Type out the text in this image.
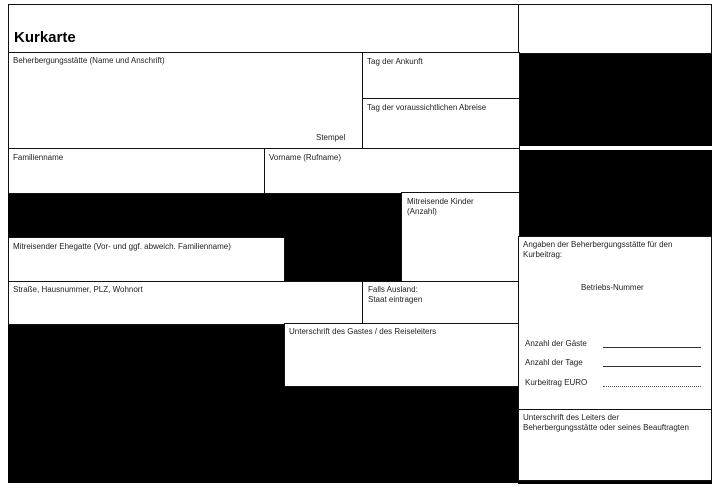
Kurkarte
Beherbergungsstätte (Name und Anschrift)
Stempel
Tag der Ankunft
Tag der voraussichtlichen Abreise
Familienname	Vorname (Rufname)
Mitreisende Kinder
(Anzahl)
Mitreisender Ehegatte (Vor- und ggf. abweich. Familienname)
Straße, Hausnummer, PLZ, Wohnort	Falls Ausland:
Staat eintragen
Unterschrift des Gastes / des Reiseleiters
Angaben der Beherbergungsstätte für den Kurbeitrag:
Betriebs-Nummer
Anzahl der Gäste
Anzahl der Tage
Kurbeitrag EURO
Unterschrift des Leiters der Beherbergungsstätte oder seines Beauftragten
